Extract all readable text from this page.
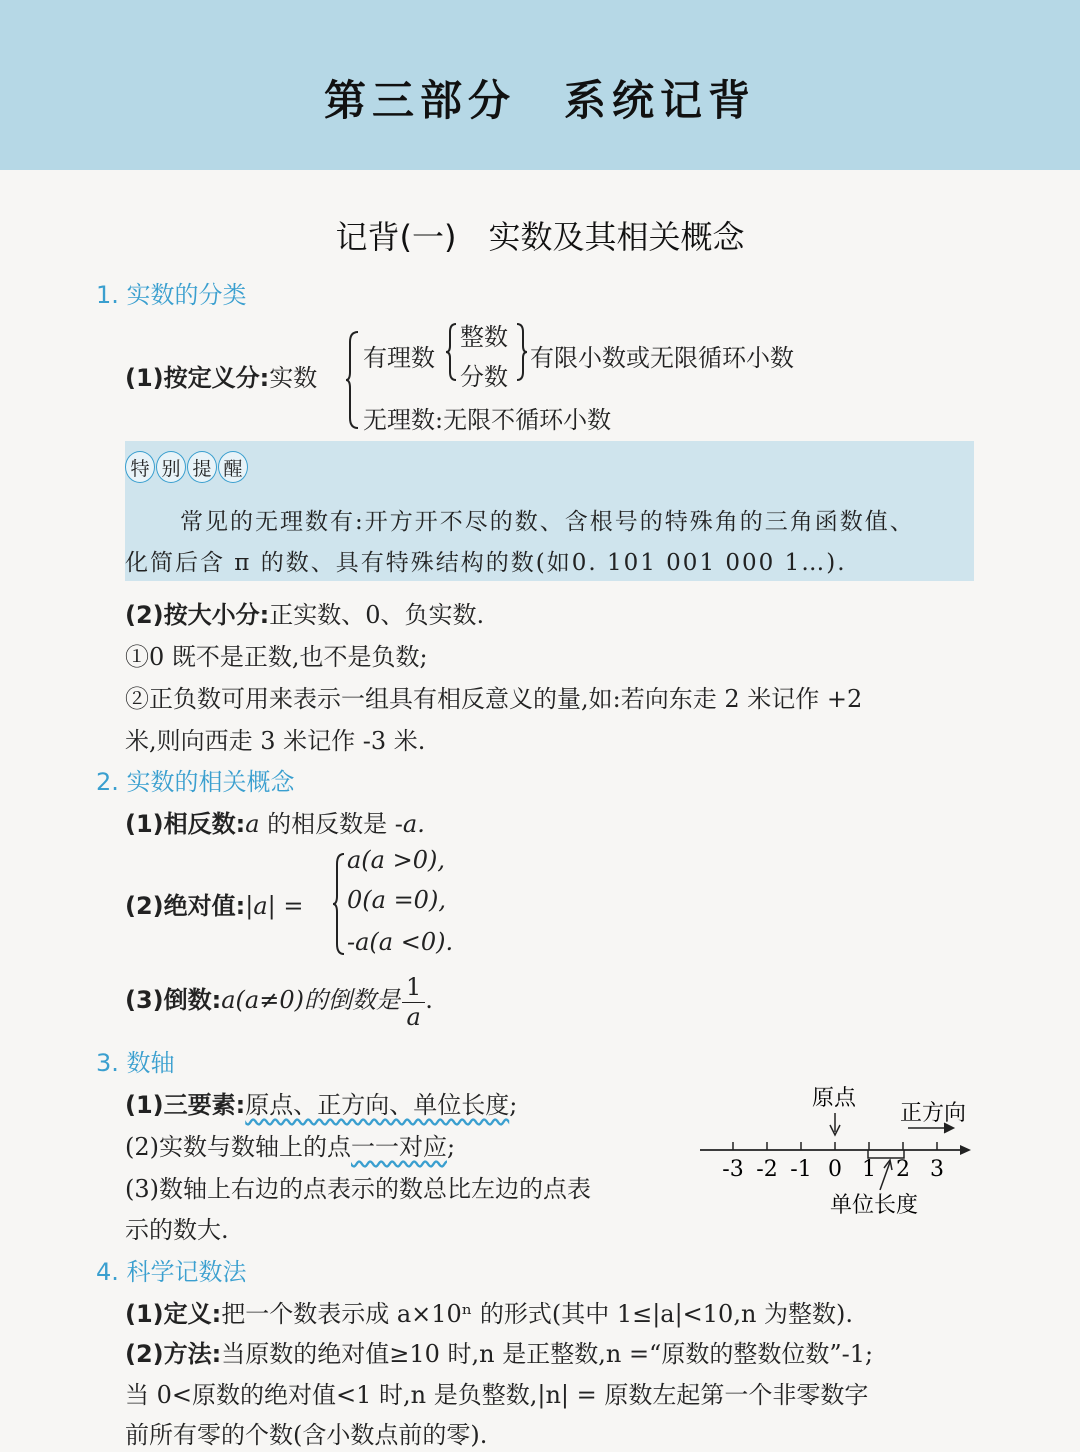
第三部分　系统记背
记背(一)　实数及其相关概念
1. 实数的分类
(1)按定义分:实数
有理数
整数
分数
有限小数或无限循环小数
无理数:无限不循环小数
特 别 提 醒
常见的无理数有:开方开不尽的数、含根号的特殊角的三角函数值、
化简后含 π 的数、具有特殊结构的数(如0. 101 001 000 1…).
(2)按大小分:正实数、0、负实数.
①0 既不是正数,也不是负数;
②正负数可用来表示一组具有相反意义的量,如:若向东走 2 米记作 +2
米,则向西走 3 米记作 -3 米.
2. 实数的相关概念
(1)相反数:a 的相反数是 -a.
(2)绝对值:|a| =
a(a >0),
0(a =0),
-a(a <0).
(3)倒数:a(a≠0)的倒数是 $\frac{1}{a}$ .
3. 数轴
(1)三要素:原点、正方向、单位长度;
(2)实数与数轴上的点一一对应;
(3)数轴上右边的点表示的数总比左边的点表
示的数大.
原点
正方向
-3 -2 -1 0 1 2 3
单位长度
4. 科学记数法
(1)定义:把一个数表示成 a×10ⁿ 的形式(其中 1≤|a|<10,n 为整数).
(2)方法:当原数的绝对值≥10 时,n 是正整数,n =“原数的整数位数”-1;
当 0<原数的绝对值<1 时,n 是负整数,|n| = 原数左起第一个非零数字
前所有零的个数(含小数点前的零).
